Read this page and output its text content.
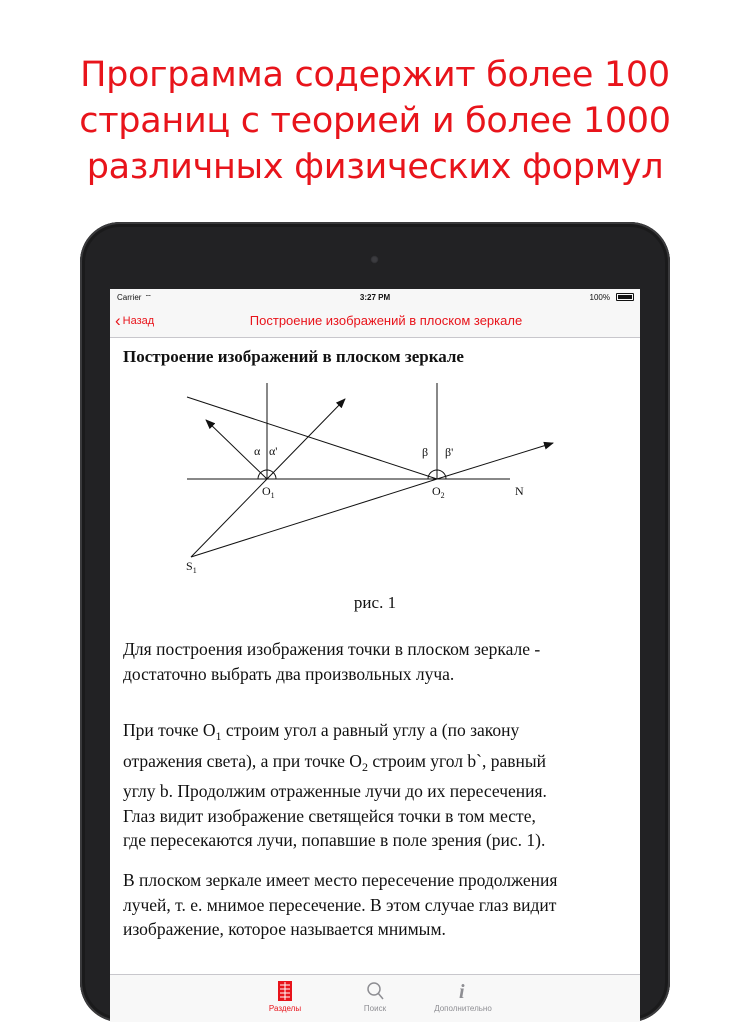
Программа содержит более 100
страниц с теорией и более 1000
различных физических формул
Carrier ⌔	3:27 PM	100%
‹ Назад	Построение изображений в плоском зеркале
Построение изображений в плоском зеркале
α α'	β β'
$O_1$	$O_2$	N
$S_1$
рис. 1
Для построения изображения точки в плоском зеркале -
достаточно выбрать два произвольных луча.
При точке $O_1$ строим угол a равный углу a (по закону
отражения света), а при точке $O_2$ строим угол b`, равный
углу b. Продолжим отраженные лучи до их пересечения.
Глаз видит изображение светящейся точки в том месте,
где пересекаются лучи, попавшие в поле зрения (рис. 1).
В плоском зеркале имеет место пересечение продолжения
лучей, т. е. мнимое пересечение. В этом случае глаз видит
изображение, которое называется мнимым.
Разделы	Поиск
i
Дополнительно
